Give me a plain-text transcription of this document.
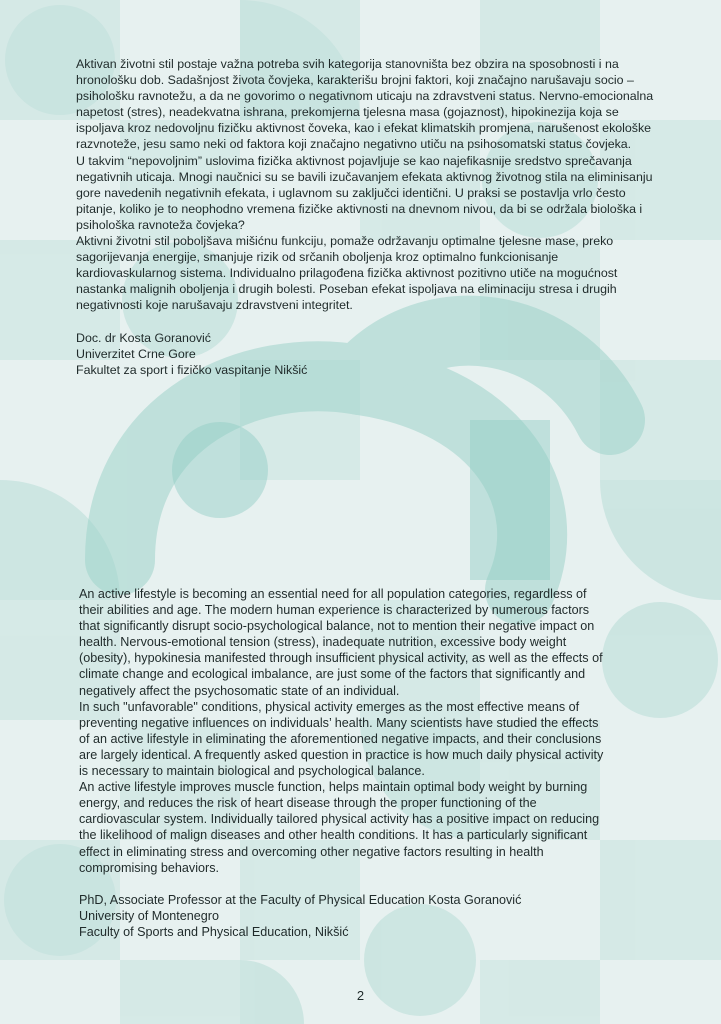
Aktivan životni stil postaje važna potreba svih kategorija stanovništa bez obzira na sposobnosti i na hronološku dob. Sadašnjost života čovjeka, karakterišu brojni faktori, koji značajno narušavaju socio –psihološku ravnotežu, a da ne govorimo o negativnom uticaju na zdravstveni status. Nervno-emocionalna napetost (stres), neadekvatna ishrana, prekomjerna tjelesna masa (gojaznost), hipokinezija koja se ispoljava kroz nedovoljnu fizičku aktivnost čoveka, kao i efekat klimatskih promjena, narušenost ekološke razvnoteže, jesu samo neki od faktora koji značajno negativno utiču na psihosomatski status čovjeka.

U takvim “nepovoljnim” uslovima fizička aktivnost pojavljuje se kao najefikasnije sredstvo sprečavanja negativnih uticaja. Mnogi naučnici su se bavili izučavanjem efekata aktivnog životnog stila na eliminisanju gore navedenih negativnih efekata, i uglavnom su zaključci identični. U praksi se postavlja vrlo često pitanje, koliko je to neophodno vremena fizičke aktivnosti na dnevnom nivou, da bi se održala biološka i psihološka ravnoteža čovjeka?

Aktivni životni stil poboljšava mišićnu funkciju, pomaže održavanju optimalne tjelesne mase, preko sagorijevanja energije, smanjuje rizik od srčanih oboljenja kroz optimalno funkcionisanje kardiovaskularnog sistema. Individualno prilagođena fizička aktivnost pozitivno utiče na mogućnost nastanka malignih oboljenja i drugih bolesti. Poseban efekat ispoljava na eliminaciju stresa i drugih negativnosti koje narušavaju zdravstveni integritet.

Doc. dr Kosta Goranović

Univerzitet Crne Gore

Fakultet za sport i fizičko vaspitanje Nikšić

An active lifestyle is becoming an essential need for all population categories, regardless of their abilities and age. The modern human experience is characterized by numerous factors that significantly disrupt socio-psychological balance, not to mention their negative impact on health. Nervous-emotional tension (stress), inadequate nutrition, excessive body weight (obesity), hypokinesia manifested through insufficient physical activity, as well as the effects of climate change and ecological imbalance, are just some of the factors that significantly and negatively affect the psychosomatic state of an individual.

In such "unfavorable" conditions, physical activity emerges as the most effective means of preventing negative influences on individuals’ health. Many scientists have studied the effects of an active lifestyle in eliminating the aforementioned negative impacts, and their conclusions are largely identical. A frequently asked question in practice is how much daily physical activity is necessary to maintain biological and psychological balance.

An active lifestyle improves muscle function, helps maintain optimal body weight by burning energy, and reduces the risk of heart disease through the proper functioning of the cardiovascular system. Individually tailored physical activity has a positive impact on reducing the likelihood of malign diseases and other health conditions. It has a particularly significant effect in eliminating stress and overcoming other negative factors resulting in health compromising behaviors.

PhD, Associate Professor at the Faculty of Physical Education Kosta Goranović

University of Montenegro

Faculty of Sports and Physical Education, Nikšić

2
